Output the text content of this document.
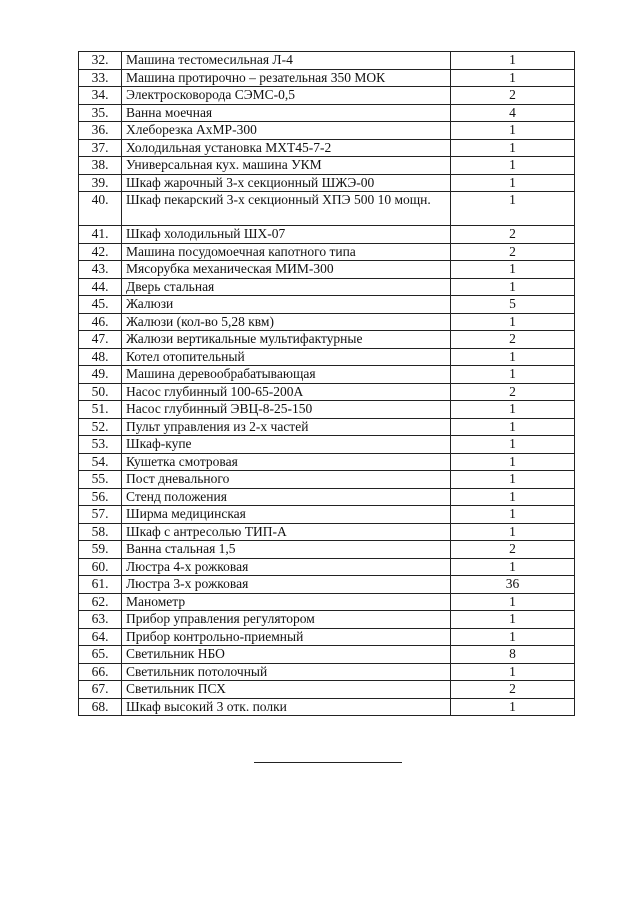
32.	Машина тестомесильная Л-4	1
33.	Машина протирочно – резательная 350 МОК	1
34.	Электросковорода СЭМС-0,5	2
35.	Ванна моечная	4
36.	Хлеборезка АхМР-300	1
37.	Холодильная установка МХТ45-7-2	1
38.	Универсальная кух. машина УКМ	1
39.	Шкаф жарочный 3-х секционный ШЖЭ-00	1
40.	Шкаф пекарский 3-х секционный ХПЭ 500 10 мощн.	1
41.	Шкаф холодильный ШХ-07	2
42.	Машина посудомоечная капотного типа	2
43.	Мясорубка механическая МИМ-300	1
44.	Дверь стальная	1
45.	Жалюзи	5
46.	Жалюзи (кол-во 5,28 квм)	1
47.	Жалюзи вертикальные мультифактурные	2
48.	Котел отопительный	1
49.	Машина деревообрабатывающая	1
50.	Насос глубинный 100-65-200А	2
51.	Насос глубинный ЭВЦ-8-25-150	1
52.	Пульт управления из 2-х частей	1
53.	Шкаф-купе	1
54.	Кушетка смотровая	1
55.	Пост дневального	1
56.	Стенд положения	1
57.	Ширма медицинская	1
58.	Шкаф с антресолью ТИП-А	1
59.	Ванна стальная 1,5	2
60.	Люстра 4-х рожковая	1
61.	Люстра 3-х рожковая	36
62.	Манометр	1
63.	Прибор управления регулятором	1
64.	Прибор контрольно-приемный	1
65.	Светильник НБО	8
66.	Светильник потолочный	1
67.	Светильник ПСХ	2
68.	Шкаф высокий 3 отк. полки	1
